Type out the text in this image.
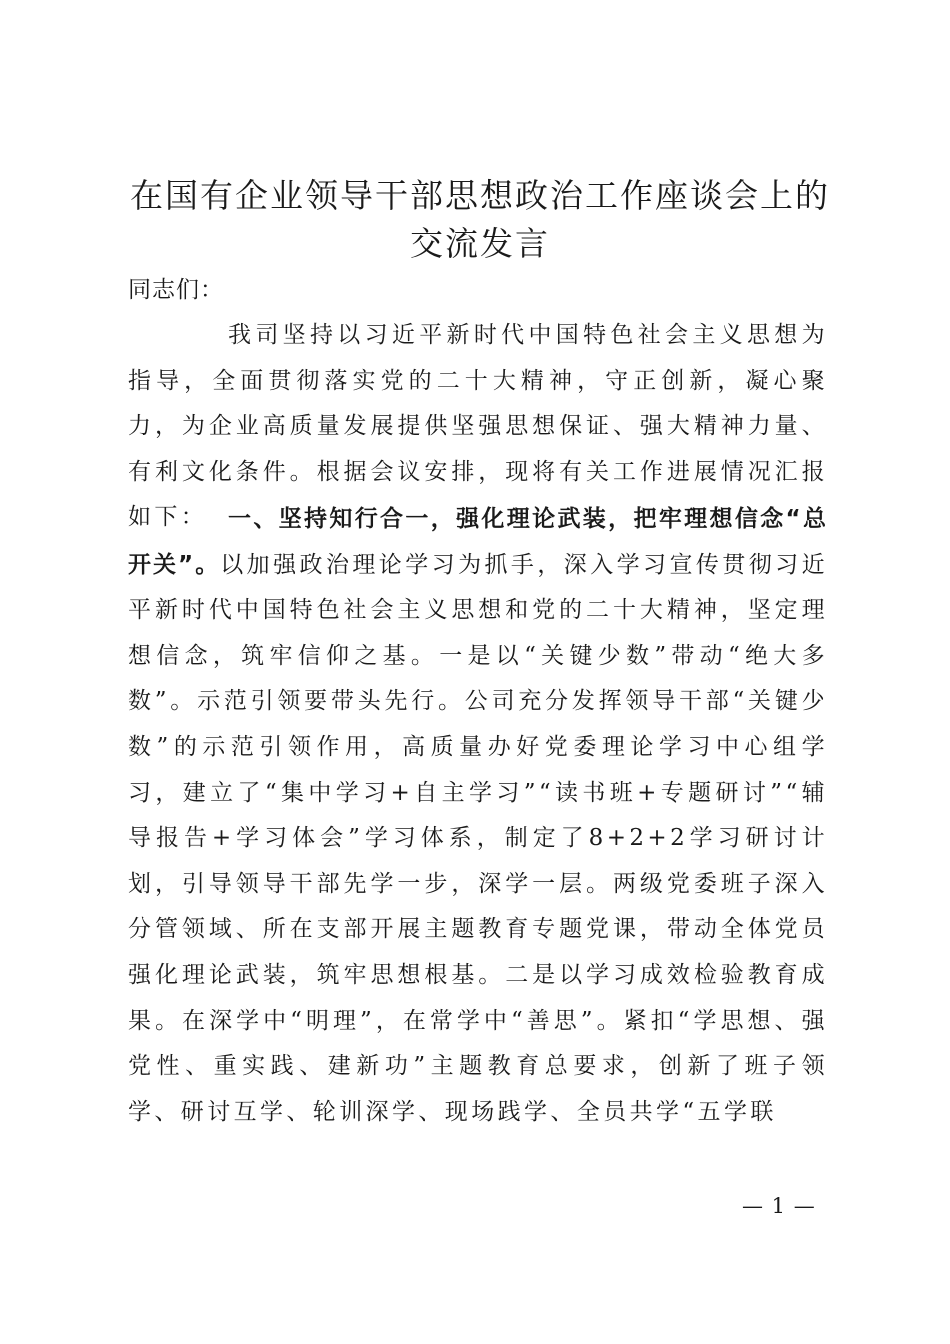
在国有企业领导干部思想政治工作座谈会上的
交流发言
同志们：

我司坚持以习近平新时代中国特色社会主义思想为指导，全面贯彻落实党的二十大精神，守正创新，凝心聚力，为企业高质量发展提供坚强思想保证、强大精神力量、有利文化条件。根据会议安排，现将有关工作进展情况汇报如下： 一、坚持知行合一，强化理论武装，把牢理想信念“总开关”。以加强政治理论学习为抓手，深入学习宣传贯彻习近平新时代中国特色社会主义思想和党的二十大精神，坚定理想信念，筑牢信仰之基。一是以“关键少数”带动“绝大多数”。示范引领要带头先行。公司充分发挥领导干部“关键少数”的示范引领作用，高质量办好党委理论学习中心组学习，建立了“集中学习+自主学习”“读书班+专题研讨”“辅导报告+学习体会”学习体系，制定了8+2+2学习研讨计划，引导领导干部先学一步，深学一层。两级党委班子深入分管领域、所在支部开展主题教育专题党课，带动全体党员强化理论武装，筑牢思想根基。二是以学习成效检验教育成果。在深学中“明理”，在常学中“善思”。紧扣“学思想、强党性、重实践、建新功”主题教育总要求，创新了班子领学、研讨互学、轮训深学、现场践学、全员共学“五学联

— 1 —
